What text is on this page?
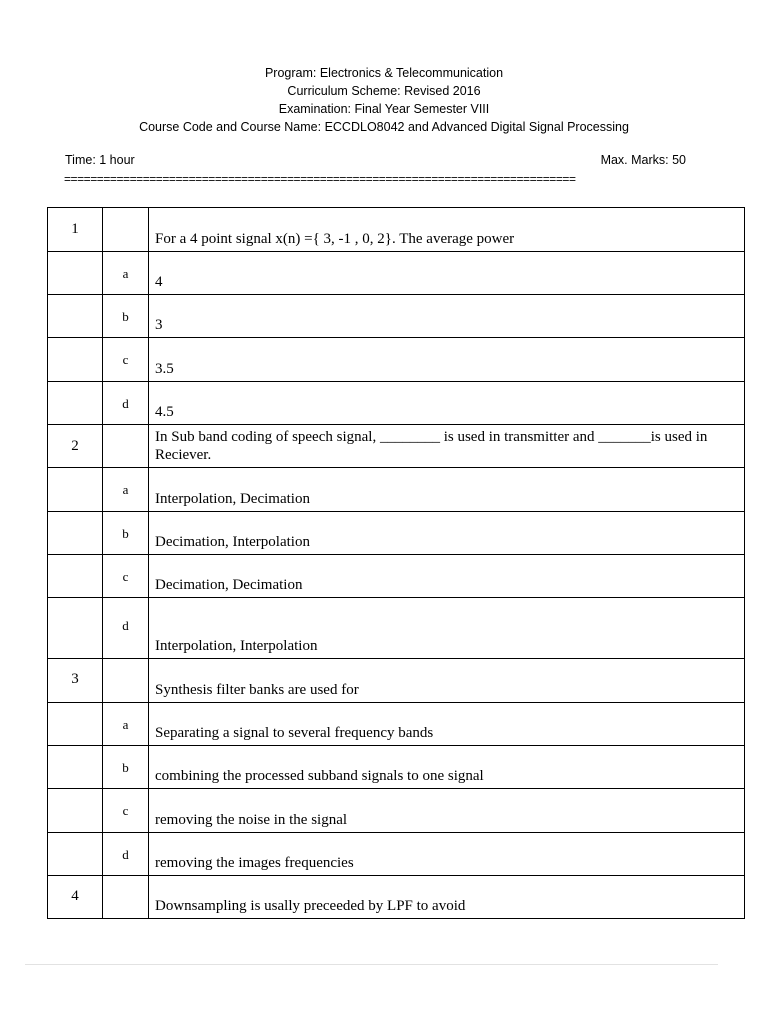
Program: Electronics & Telecommunication
Curriculum Scheme: Revised 2016
Examination: Final Year Semester VIII
Course Code and Course Name: ECCDLO8042 and Advanced Digital Signal Processing
Time: 1 hour	Max. Marks: 50
==============================================================================
1		For a 4 point signal x(n) ={ 3, -1 , 0, 2}. The average power

	a	4

	b	3

	c	3.5

	d	4.5

2		In Sub band coding of speech signal, ________ is used in transmitter and _______is used in Reciever.

	a	Interpolation, Decimation

	b	Decimation, Interpolation

	c	Decimation, Decimation

	d	Interpolation, Interpolation

3		Synthesis filter banks are used for

	a	Separating a signal to several frequency bands

	b	combining the processed subband signals to one signal

	c	removing the noise in the signal

	d	removing the images frequencies

4		Downsampling is usally preceeded by LPF to avoid
